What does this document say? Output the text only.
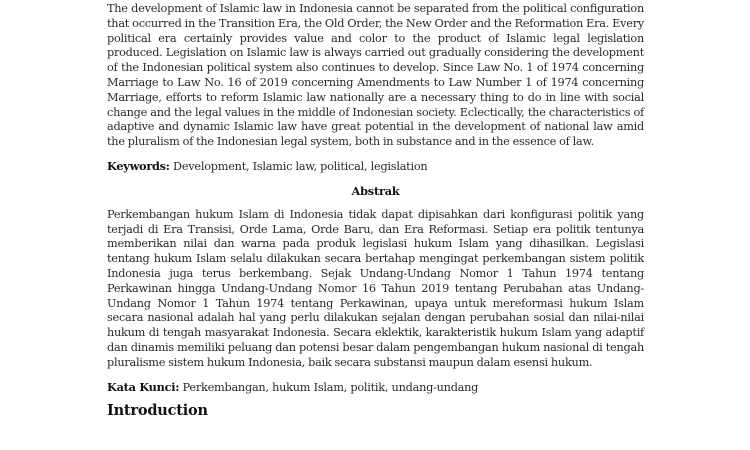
The development of Islamic law in Indonesia cannot be separated from the political configuration that occurred in the Transition Era, the Old Order, the New Order and the Reformation Era. Every political era certainly provides value and color to the product of Islamic legal legislation produced. Legislation on Islamic law is always carried out gradually considering the development of the Indonesian political system also continues to develop. Since Law No. 1 of 1974 concerning Marriage to Law No. 16 of 2019 concerning Amendments to Law Number 1 of 1974 concerning Marriage, efforts to reform Islamic law nationally are a necessary thing to do in line with social change and the legal values in the middle of Indonesian society. Eclectically, the characteristics of adaptive and dynamic Islamic law have great potential in the development of national law amid the pluralism of the Indonesian legal system, both in substance and in the essence of law.

Keywords: Development, Islamic law, political, legislation

Abstrak

Perkembangan hukum Islam di Indonesia tidak dapat dipisahkan dari konfigurasi politik yang terjadi di Era Transisi, Orde Lama, Orde Baru, dan Era Reformasi. Setiap era politik tentunya memberikan nilai dan warna pada produk legislasi hukum Islam yang dihasilkan. Legislasi tentang hukum Islam selalu dilakukan secara bertahap mengingat perkembangan sistem politik Indonesia juga terus berkembang. Sejak Undang-Undang Nomor 1 Tahun 1974 tentang Perkawinan hingga Undang-Undang Nomor 16 Tahun 2019 tentang Perubahan atas Undang-Undang Nomor 1 Tahun 1974 tentang Perkawinan, upaya untuk mereformasi hukum Islam secara nasional adalah hal yang perlu dilakukan sejalan dengan perubahan sosial dan nilai-nilai hukum di tengah masyarakat Indonesia. Secara eklektik, karakteristik hukum Islam yang adaptif dan dinamis memiliki peluang dan potensi besar dalam pengembangan hukum nasional di tengah pluralisme sistem hukum Indonesia, baik secara substansi maupun dalam esensi hukum.

Kata Kunci: Perkembangan, hukum Islam, politik, undang-undang

Introduction
